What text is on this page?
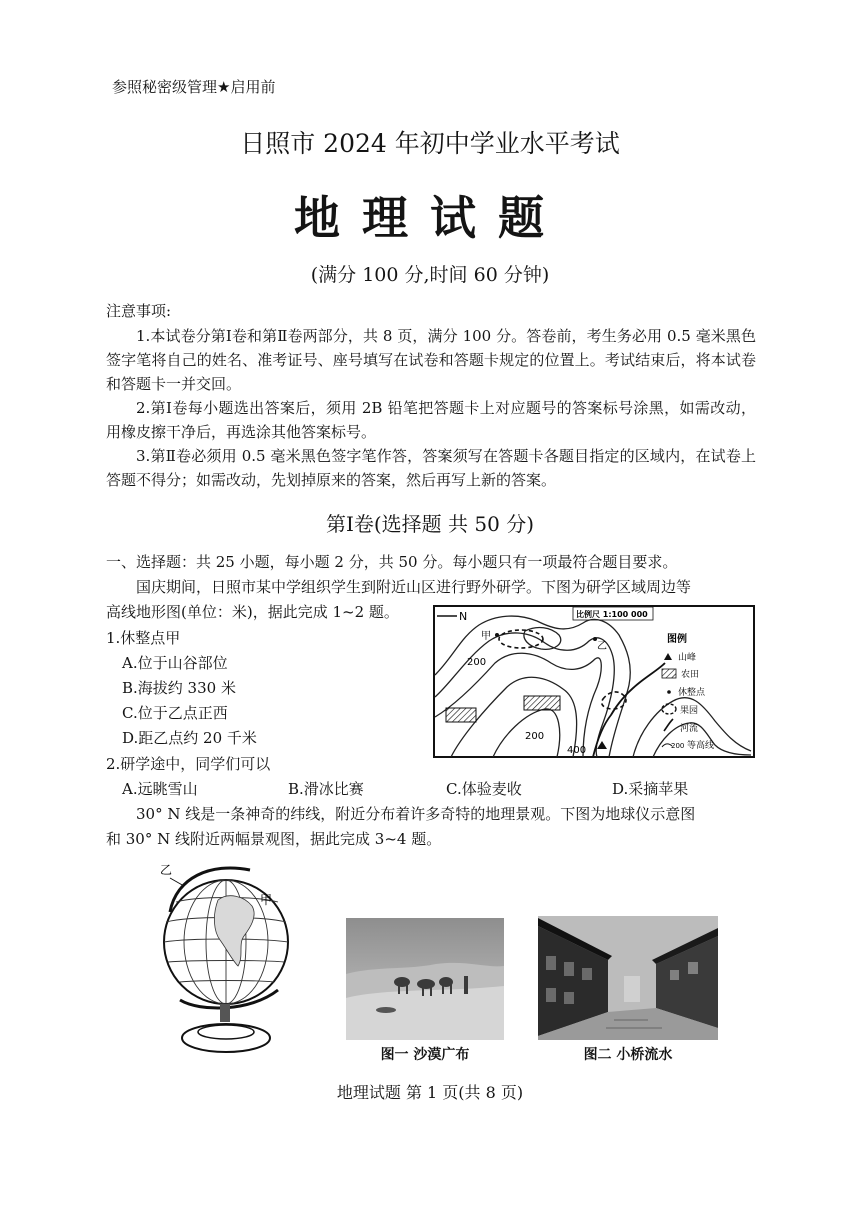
参照秘密级管理★启用前
日照市 2024 年初中学业水平考试
地理试题
(满分 100 分,时间 60 分钟)
注意事项:
1.本试卷分第Ⅰ卷和第Ⅱ卷两部分，共 8 页，满分 100 分。答卷前，考生务必用 0.5 毫米黑色签字笔将自己的姓名、准考证号、座号填写在试卷和答题卡规定的位置上。考试结束后，将本试卷和答题卡一并交回。
2.第Ⅰ卷每小题选出答案后，须用 2B 铅笔把答题卡上对应题号的答案标号涂黑，如需改动，用橡皮擦干净后，再选涂其他答案标号。
3.第Ⅱ卷必须用 0.5 毫米黑色签字笔作答，答案须写在答题卡各题目指定的区域内，在试卷上答题不得分；如需改动，先划掉原来的答案，然后再写上新的答案。
第Ⅰ卷(选择题 共 50 分)
一、选择题：共 25 小题，每小题 2 分，共 50 分。每小题只有一项最符合题目要求。
国庆期间，日照市某中学组织学生到附近山区进行野外研学。下图为研学区域周边等
高线地形图(单位：米)，据此完成 1~2 题。
1.休整点甲
A.位于山谷部位
B.海拔约 330 米
C.位于乙点正西
D.距乙点约 20 千米
2.研学途中，同学们可以
A.远眺雪山	B.滑冰比赛	C.体验麦收	D.采摘苹果
30° N 线是一条神奇的纬线，附近分布着许多奇特的地理景观。下图为地球仪示意图
和 30° N 线附近两幅景观图，据此完成 3~4 题。
N	比例尺 1:100 000
甲
乙
200
200
400
图例
山峰
农田
休整点
果园
河流
200 等高线
乙
甲
图一 沙漠广布	图二 小桥流水
地理试题 第 1 页(共 8 页)
